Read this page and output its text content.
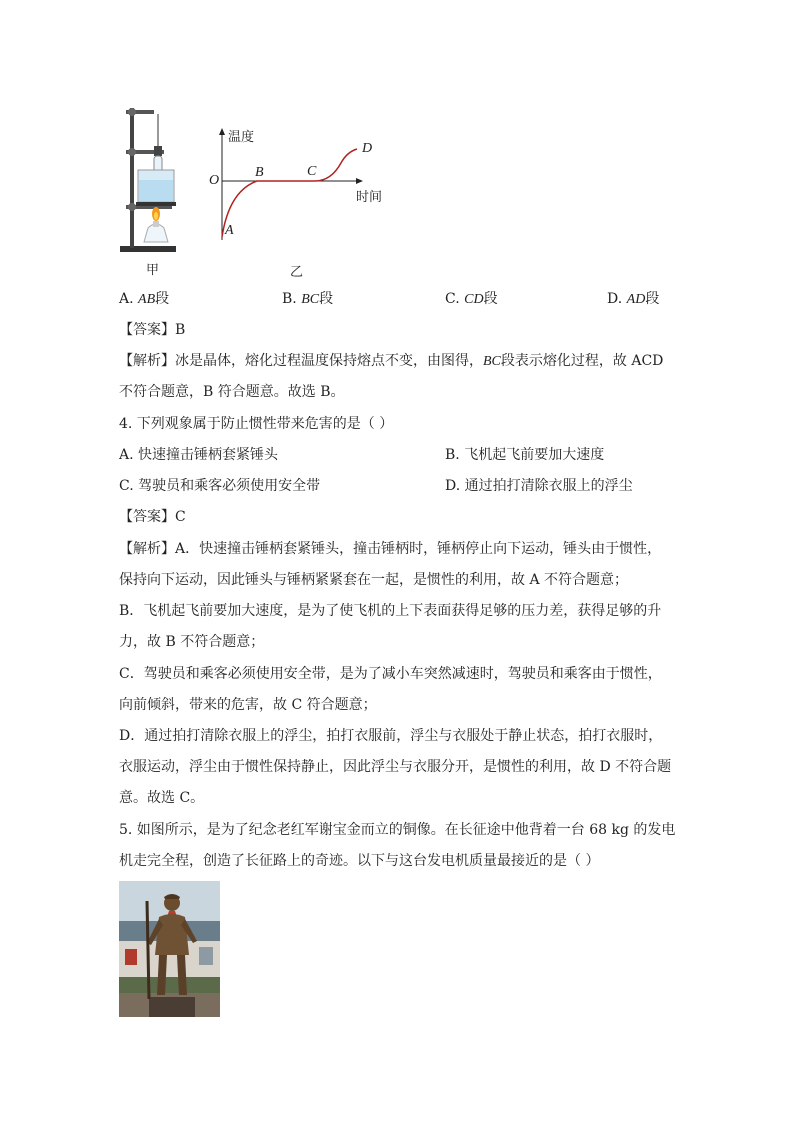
甲
温度
O
A
B	C
D
时间
乙
A. AB段	B. BC段	C. CD段	D. AD段
【答案】B
【解析】冰是晶体，熔化过程温度保持熔点不变，由图得，BC段表示熔化过程，故 ACD
不符合题意，B 符合题意。故选 B。
4. 下列观象属于防止惯性带来危害的是（ ）
A. 快速撞击锤柄套紧锤头	B. 飞机起飞前要加大速度
C. 驾驶员和乘客必须使用安全带	D. 通过拍打清除衣服上的浮尘
【答案】C
【解析】A．快速撞击锤柄套紧锤头，撞击锤柄时，锤柄停止向下运动，锤头由于惯性，
保持向下运动，因此锤头与锤柄紧紧套在一起，是惯性的利用，故 A 不符合题意；
B．飞机起飞前要加大速度，是为了使飞机的上下表面获得足够的压力差，获得足够的升
力，故 B 不符合题意；
C．驾驶员和乘客必须使用安全带，是为了减小车突然减速时，驾驶员和乘客由于惯性，
向前倾斜，带来的危害，故 C 符合题意；
D．通过拍打清除衣服上的浮尘，拍打衣服前，浮尘与衣服处于静止状态，拍打衣服时，
衣服运动，浮尘由于惯性保持静止，因此浮尘与衣服分开，是惯性的利用，故 D 不符合题
意。故选 C。
5. 如图所示，是为了纪念老红军谢宝金而立的铜像。在长征途中他背着一台 68 kg 的发电
机走完全程，创造了长征路上的奇迹。以下与这台发电机质量最接近的是（ ）
